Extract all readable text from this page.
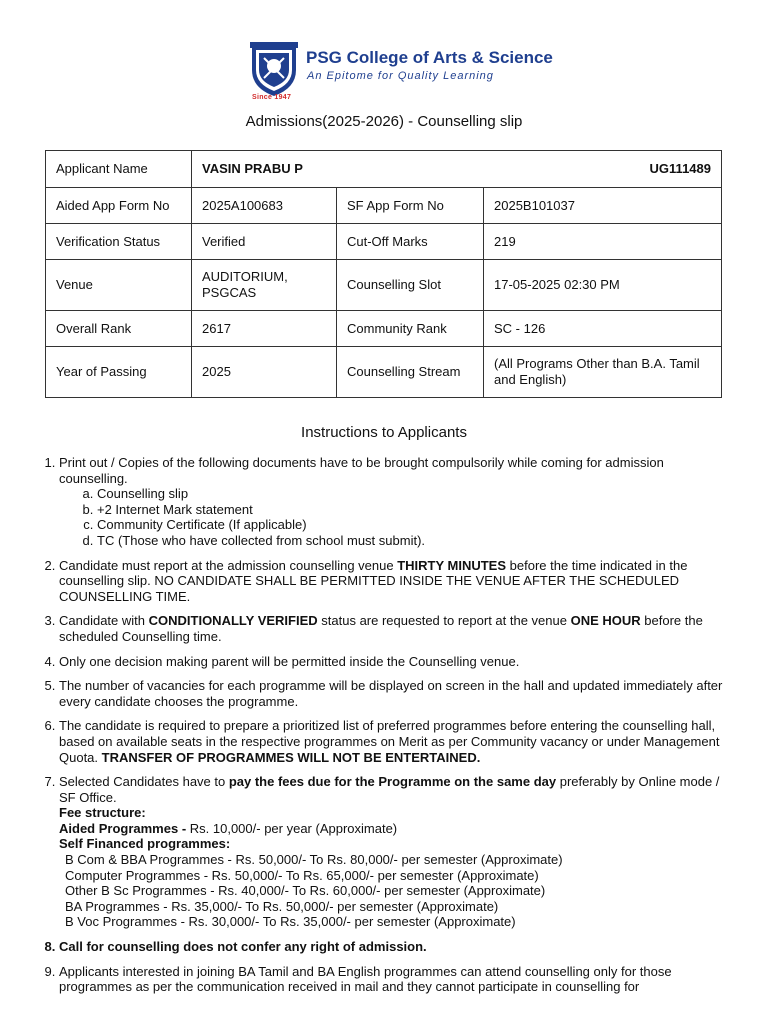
Since 1947
PSG College of Arts & Science
An Epitome for Quality Learning
Admissions(2025-2026) - Counselling slip
Applicant Name	VASIN PRABU P UG111489		

Aided App Form No	2025A100683	SF App Form No	2025B101037
Verification Status	Verified	Cut-Off Marks	219
Venue	AUDITORIUM, PSGCAS	Counselling Slot	17-05-2025 02:30 PM
Overall Rank	2617	Community Rank	SC - 126
Year of Passing	2025	Counselling Stream	(All Programs Other than B.A. Tamil and English)
Instructions to Applicants
1. Print out / Copies of the following documents have to be brought compulsorily while coming for admission counselling.
a. Counselling slip
b. +2 Internet Mark statement
c. Community Certificate (If applicable)
d. TC (Those who have collected from school must submit).
2. Candidate must report at the admission counselling venue THIRTY MINUTES before the time indicated in the counselling slip. NO CANDIDATE SHALL BE PERMITTED INSIDE THE VENUE AFTER THE SCHEDULED COUNSELLING TIME.
3. Candidate with CONDITIONALLY VERIFIED status are requested to report at the venue ONE HOUR before the scheduled Counselling time.
4. Only one decision making parent will be permitted inside the Counselling venue.
5. The number of vacancies for each programme will be displayed on screen in the hall and updated immediately after every candidate chooses the programme.
6. The candidate is required to prepare a prioritized list of preferred programmes before entering the counselling hall, based on available seats in the respective programmes on Merit as per Community vacancy or under Management Quota. TRANSFER OF PROGRAMMES WILL NOT BE ENTERTAINED.
7. Selected Candidates have to pay the fees due for the Programme on the same day preferably by Online mode / SF Office.
Fee structure:
Aided Programmes - Rs. 10,000/- per year (Approximate)
Self Financed programmes:
B Com & BBA Programmes - Rs. 50,000/- To Rs. 80,000/- per semester (Approximate)
Computer Programmes - Rs. 50,000/- To Rs. 65,000/- per semester (Approximate)
Other B Sc Programmes - Rs. 40,000/- To Rs. 60,000/- per semester (Approximate)
BA Programmes - Rs. 35,000/- To Rs. 50,000/- per semester (Approximate)
B Voc Programmes - Rs. 30,000/- To Rs. 35,000/- per semester (Approximate)
8. Call for counselling does not confer any right of admission.
9. Applicants interested in joining BA Tamil and BA English programmes can attend counselling only for those programmes as per the communication received in mail and they cannot participate in counselling for
